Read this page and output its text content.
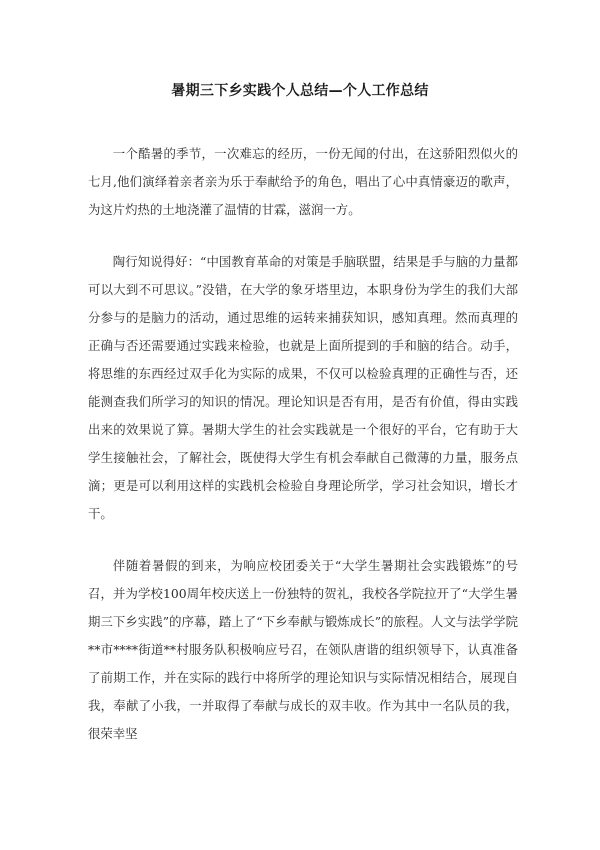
暑期三下乡实践个人总结—个人工作总结

一个酷暑的季节，一次难忘的经历，一份无闻的付出，在这骄阳烈似火的七月,他们演绎着亲者亲为乐于奉献给予的角色，唱出了心中真情豪迈的歌声，为这片灼热的土地浇灌了温情的甘霖，滋润一方。

陶行知说得好：“中国教育革命的对策是手脑联盟，结果是手与脑的力量都可以大到不可思议。”没错，在大学的象牙塔里边，本职身份为学生的我们大部分参与的是脑力的活动，通过思维的运转来捕获知识，感知真理。然而真理的正确与否还需要通过实践来检验，也就是上面所提到的手和脑的结合。动手，将思维的东西经过双手化为实际的成果，不仅可以检验真理的正确性与否，还能测查我们所学习的知识的情况。理论知识是否有用，是否有价值，得由实践出来的效果说了算。暑期大学生的社会实践就是一个很好的平台，它有助于大学生接触社会，了解社会，既使得大学生有机会奉献自己微薄的力量，服务点滴；更是可以利用这样的实践机会检验自身理论所学，学习社会知识，增长才干。

伴随着暑假的到来，为响应校团委关于“大学生暑期社会实践锻炼”的号召，并为学校100周年校庆送上一份独特的贺礼，我校各学院拉开了“大学生暑期三下乡实践”的序幕，踏上了“下乡奉献与锻炼成长”的旅程。人文与法学学院**市****街道**村服务队积极响应号召，在领队唐谐的组织领导下，认真准备了前期工作，并在实际的践行中将所学的理论知识与实际情况相结合，展现自我，奉献了小我，一并取得了奉献与成长的双丰收。作为其中一名队员的我，很荣幸坚
